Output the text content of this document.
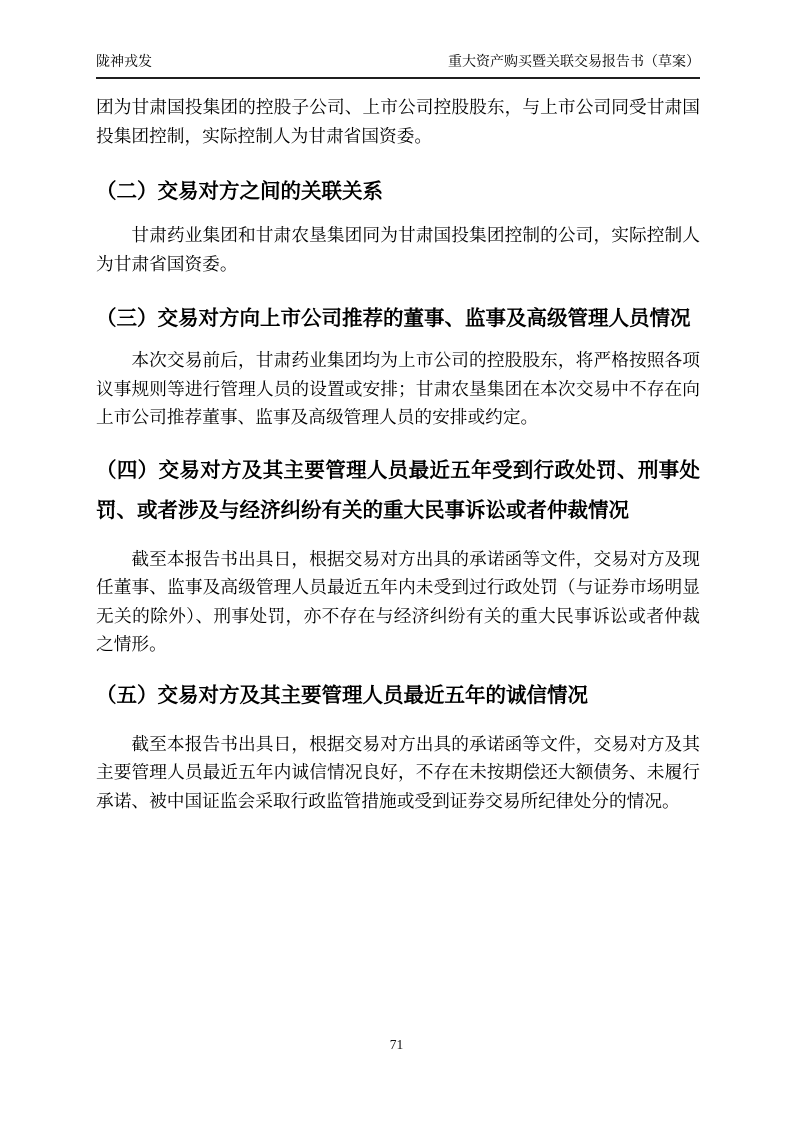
陇神戎发	重大资产购买暨关联交易报告书（草案）

团为甘肃国投集团的控股子公司、上市公司控股股东，与上市公司同受甘肃国投集团控制，实际控制人为甘肃省国资委。

（二）交易对方之间的关联关系

甘肃药业集团和甘肃农垦集团同为甘肃国投集团控制的公司，实际控制人为甘肃省国资委。

（三）交易对方向上市公司推荐的董事、监事及高级管理人员情况

本次交易前后，甘肃药业集团均为上市公司的控股股东，将严格按照各项议事规则等进行管理人员的设置或安排；甘肃农垦集团在本次交易中不存在向上市公司推荐董事、监事及高级管理人员的安排或约定。

（四）交易对方及其主要管理人员最近五年受到行政处罚、刑事处罚、或者涉及与经济纠纷有关的重大民事诉讼或者仲裁情况

截至本报告书出具日，根据交易对方出具的承诺函等文件，交易对方及现任董事、监事及高级管理人员最近五年内未受到过行政处罚（与证券市场明显无关的除外）、刑事处罚，亦不存在与经济纠纷有关的重大民事诉讼或者仲裁之情形。

（五）交易对方及其主要管理人员最近五年的诚信情况

截至本报告书出具日，根据交易对方出具的承诺函等文件，交易对方及其主要管理人员最近五年内诚信情况良好，不存在未按期偿还大额债务、未履行承诺、被中国证监会采取行政监管措施或受到证券交易所纪律处分的情况。

71
